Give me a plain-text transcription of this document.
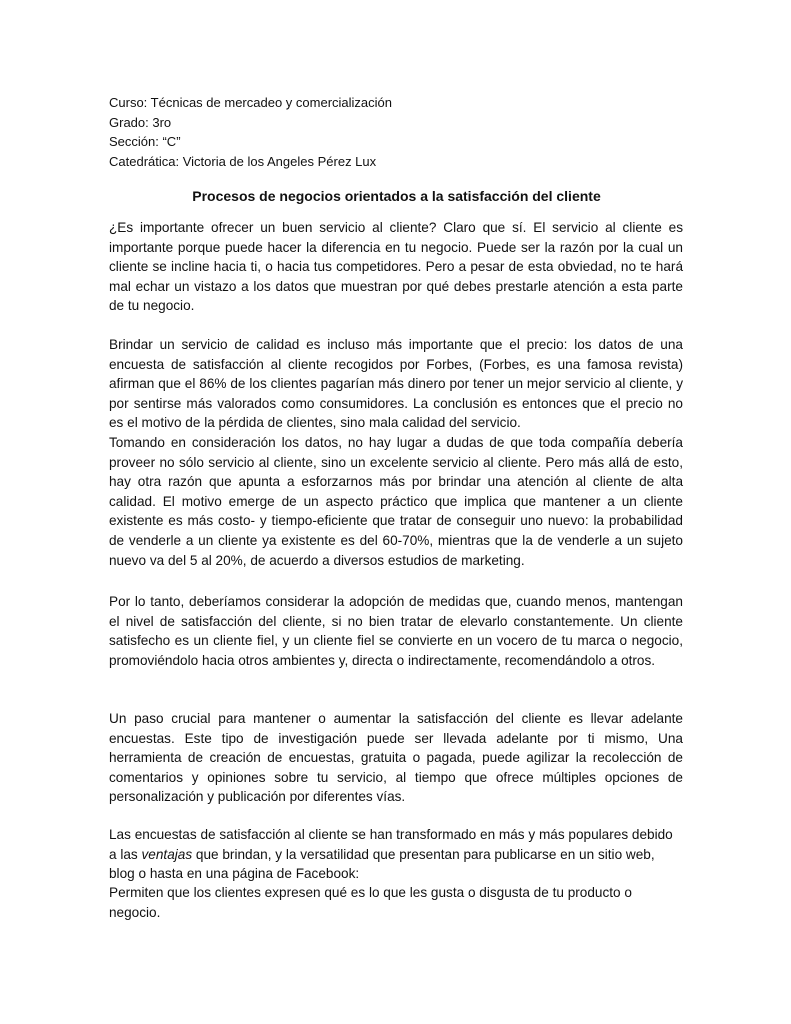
Curso: Técnicas de mercadeo y comercialización
Grado: 3ro
Sección: “C”
Catedrática: Victoria de los Angeles Pérez Lux
Procesos de negocios orientados a la satisfacción del cliente

¿Es importante ofrecer un buen servicio al cliente? Claro que sí. El servicio al cliente es importante porque puede hacer la diferencia en tu negocio. Puede ser la razón por la cual un cliente se incline hacia ti, o hacia tus competidores. Pero a pesar de esta obviedad, no te hará mal echar un vistazo a los datos que muestran por qué debes prestarle atención a esta parte de tu negocio.

Brindar un servicio de calidad es incluso más importante que el precio: los datos de una encuesta de satisfacción al cliente recogidos por Forbes, (Forbes, es una famosa revista) afirman que el 86% de los clientes pagarían más dinero por tener un mejor servicio al cliente, y por sentirse más valorados como consumidores. La conclusión es entonces que el precio no es el motivo de la pérdida de clientes, sino mala calidad del servicio.

Tomando en consideración los datos, no hay lugar a dudas de que toda compañía debería proveer no sólo servicio al cliente, sino un excelente servicio al cliente. Pero más allá de esto, hay otra razón que apunta a esforzarnos más por brindar una atención al cliente de alta calidad. El motivo emerge de un aspecto práctico que implica que mantener a un cliente existente es más costo- y tiempo-eficiente que tratar de conseguir uno nuevo: la probabilidad de venderle a un cliente ya existente es del 60-70%, mientras que la de venderle a un sujeto nuevo va del 5 al 20%, de acuerdo a diversos estudios de marketing.

Por lo tanto, deberíamos considerar la adopción de medidas que, cuando menos, mantengan el nivel de satisfacción del cliente, si no bien tratar de elevarlo constantemente. Un cliente satisfecho es un cliente fiel, y un cliente fiel se convierte en un vocero de tu marca o negocio, promoviéndolo hacia otros ambientes y, directa o indirectamente, recomendándolo a otros.

Un paso crucial para mantener o aumentar la satisfacción del cliente es llevar adelante encuestas. Este tipo de investigación puede ser llevada adelante por ti mismo, Una herramienta de creación de encuestas, gratuita o pagada, puede agilizar la recolección de comentarios y opiniones sobre tu servicio, al tiempo que ofrece múltiples opciones de personalización y publicación por diferentes vías.

Las encuestas de satisfacción al cliente se han transformado en más y más populares debido a las ventajas que brindan, y la versatilidad que presentan para publicarse en un sitio web, blog o hasta en una página de Facebook:

Permiten que los clientes expresen qué es lo que les gusta o disgusta de tu producto o negocio.
